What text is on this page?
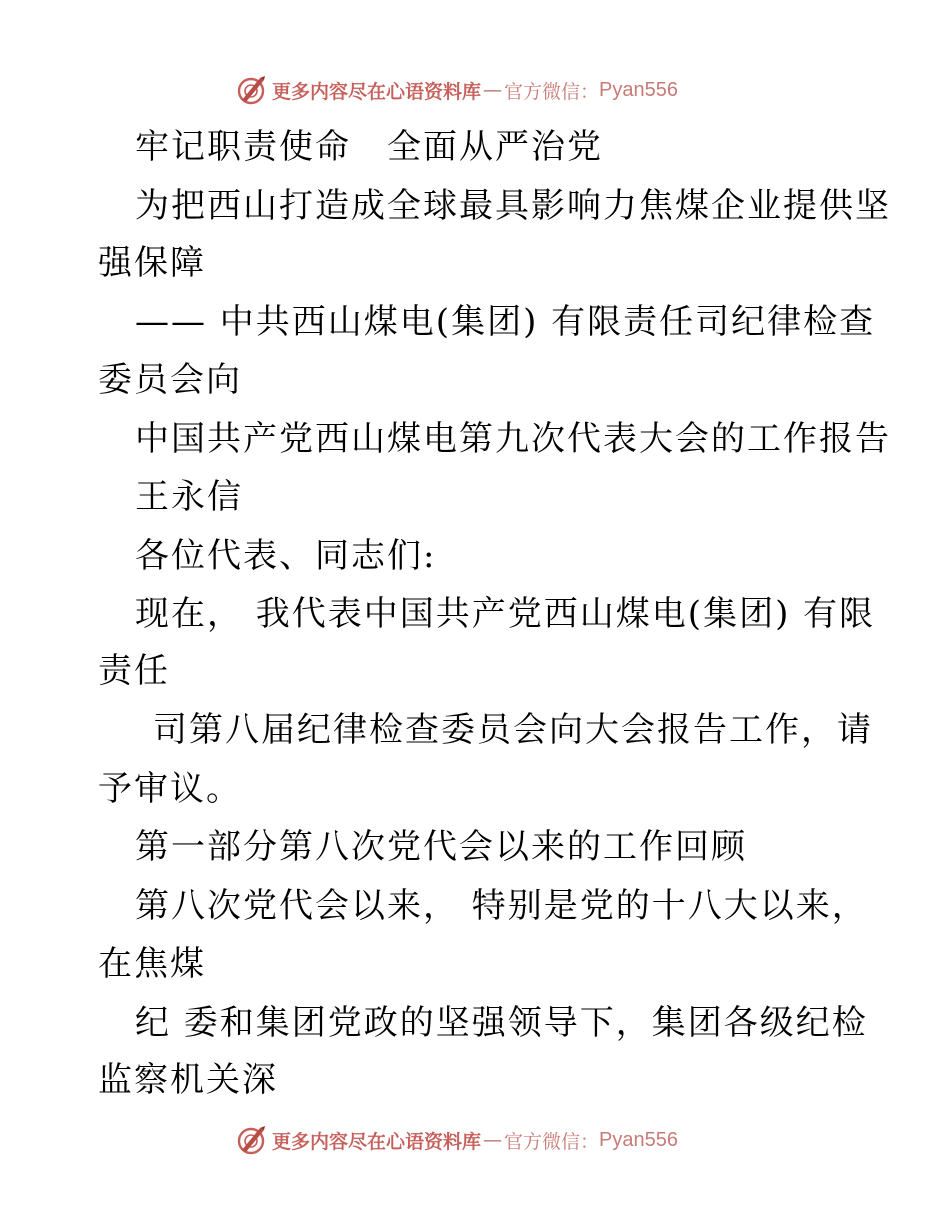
更多内容尽在心语资料库 — 官方微信： Pyan556
牢记职责使命　全面从严治党
为把西山打造成全球最具影响力焦煤企业提供坚
强保障
—— 中共西山煤电(集团) 有限责任司纪律检查
委员会向
中国共产党西山煤电第九次代表大会的工作报告
王永信
各位代表、同志们:
现在， 我代表中国共产党西山煤电(集团) 有限
责任
司第八届纪律检查委员会向大会报告工作，请
予审议。
第一部分第八次党代会以来的工作回顾
第八次党代会以来， 特别是党的十八大以来，
在焦煤
纪 委和集团党政的坚强领导下，集团各级纪检
监察机关深
更多内容尽在心语资料库 — 官方微信： Pyan556
